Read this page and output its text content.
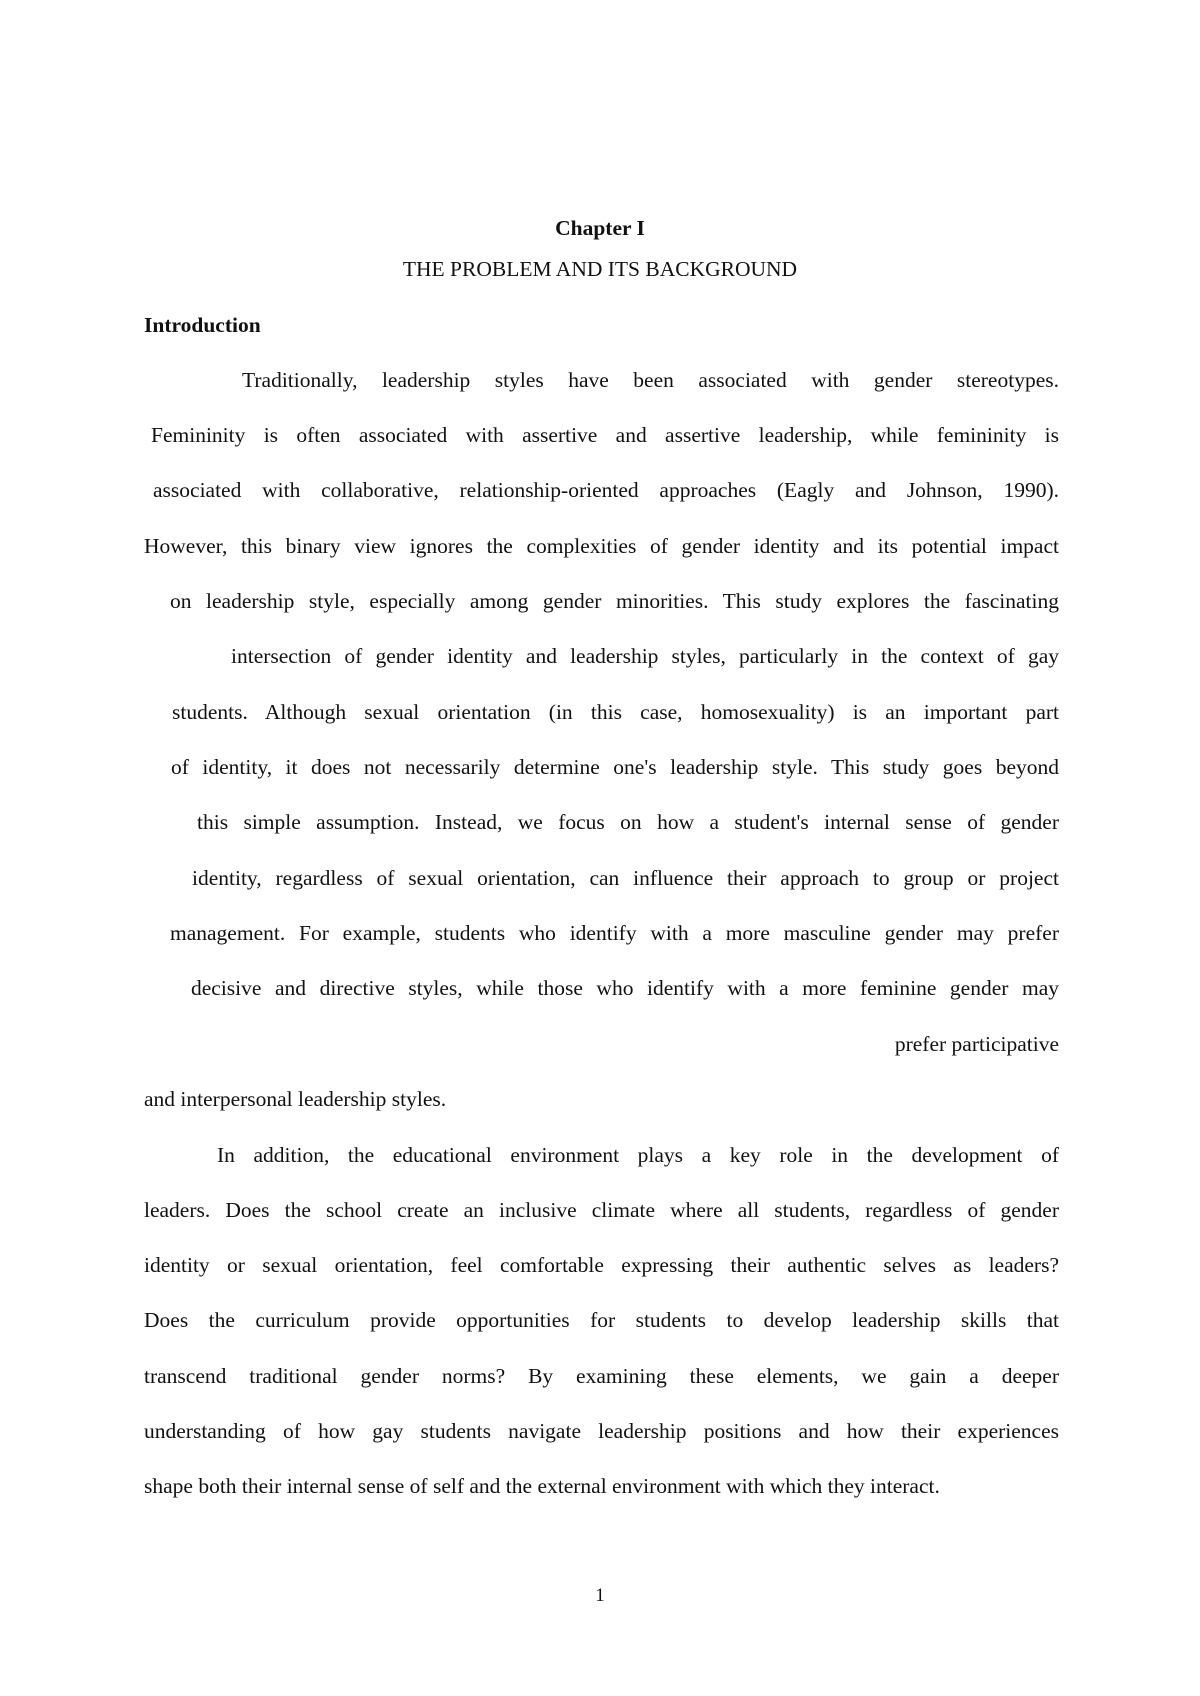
Chapter I

THE PROBLEM AND ITS BACKGROUND

Introduction

Traditionally, leadership styles have been associated with gender stereotypes.

Femininity is often associated with assertive and assertive leadership, while femininity is

associated with collaborative, relationship-oriented approaches (Eagly and Johnson, 1990).

However, this binary view ignores the complexities of gender identity and its potential impact

on leadership style, especially among gender minorities. This study explores the fascinating

intersection of gender identity and leadership styles, particularly in the context of gay

students. Although sexual orientation (in this case, homosexuality) is an important part

of identity, it does not necessarily determine one's leadership style. This study goes beyond

this simple assumption. Instead, we focus on how a student's internal sense of gender

identity, regardless of sexual orientation, can influence their approach to group or project

management. For example, students who identify with a more masculine gender may prefer

decisive and directive styles, while those who identify with a more feminine gender may

prefer participative

and interpersonal leadership styles.

In addition, the educational environment plays a key role in the development of

leaders. Does the school create an inclusive climate where all students, regardless of gender

identity or sexual orientation, feel comfortable expressing their authentic selves as leaders?

Does the curriculum provide opportunities for students to develop leadership skills that

transcend traditional gender norms? By examining these elements, we gain a deeper

understanding of how gay students navigate leadership positions and how their experiences

shape both their internal sense of self and the external environment with which they interact.

1
